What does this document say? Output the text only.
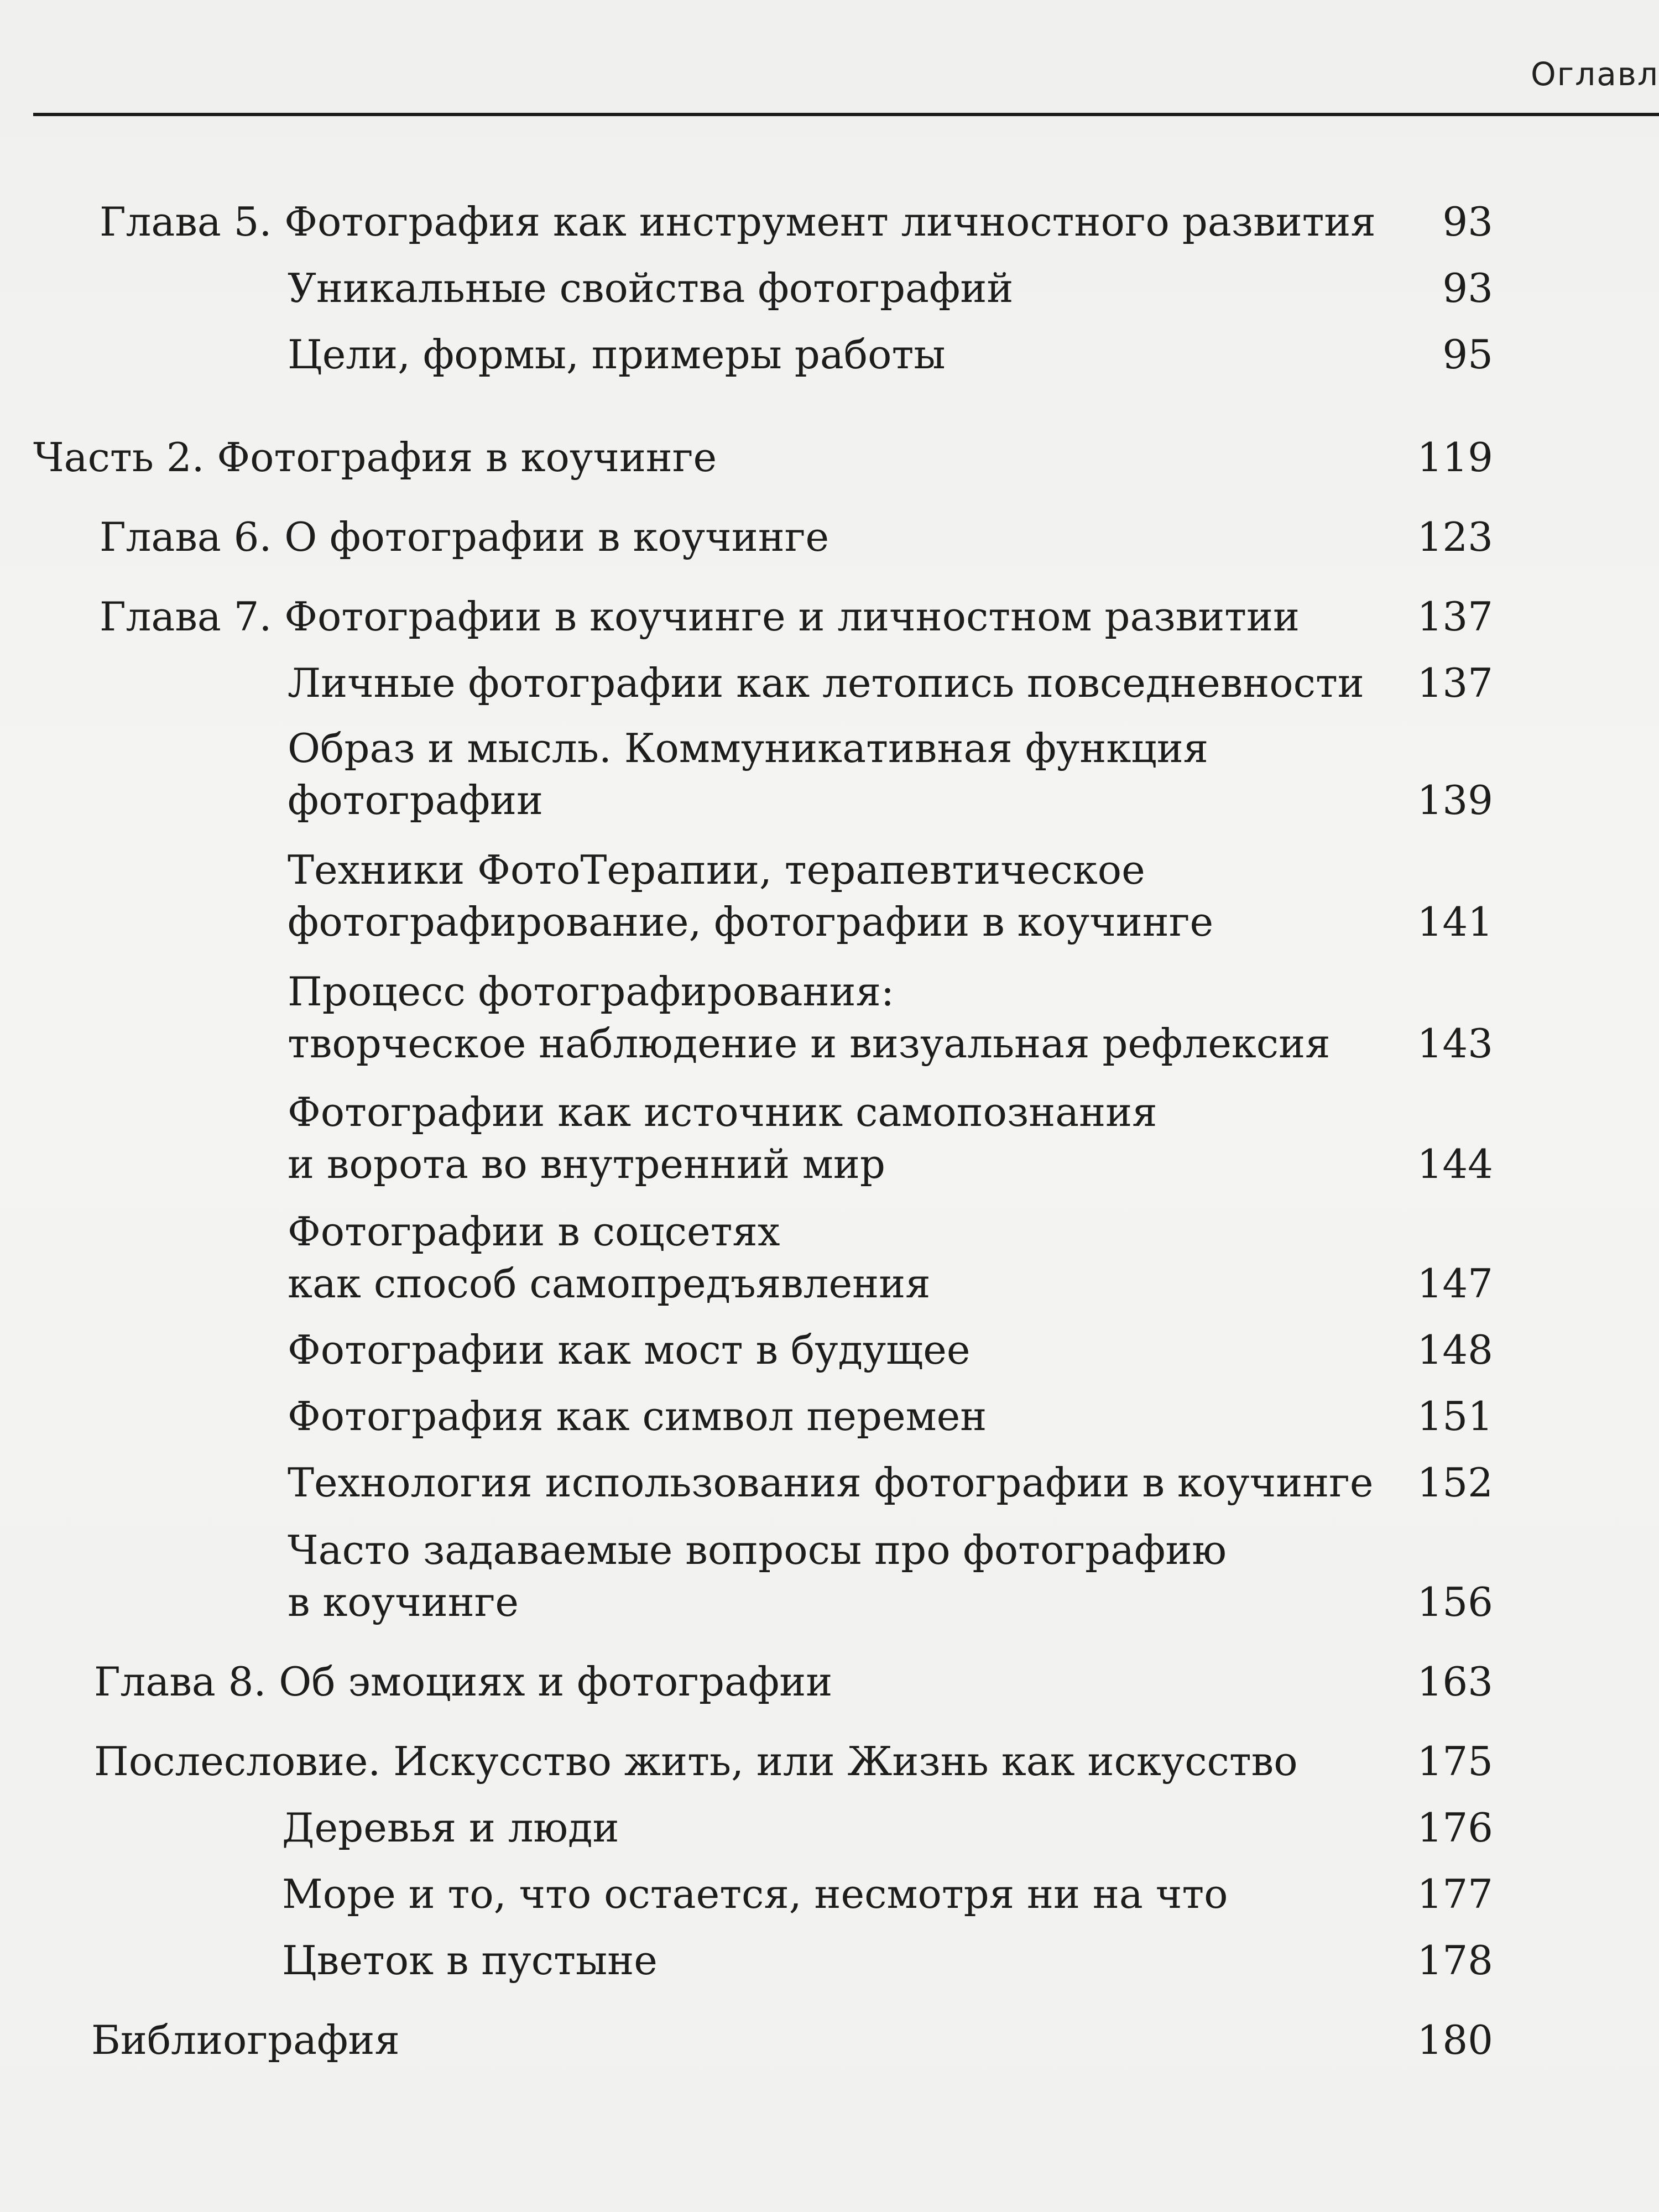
Оглавл
Глава 5. Фотография как инструмент личностного развития	93
Уникальные свойства фотографий	93
Цели, формы, примеры работы	95
Часть 2. Фотография в коучинге	119
Глава 6. О фотографии в коучинге	123
Глава 7. Фотографии в коучинге и личностном развитии	137
Личные фотографии как летопись повседневности	137
Образ и мысль. Коммуникативная функция
фотографии	139
Техники ФотоТерапии, терапевтическое
фотографирование, фотографии в коучинге	141
Процесс фотографирования:
творческое наблюдение и визуальная рефлексия	143
Фотографии как источник самопознания
и ворота во внутренний мир	144
Фотографии в соцсетях
как способ самопредъявления	147
Фотографии как мост в будущее	148
Фотография как символ перемен	151
Технология использования фотографии в коучинге	152
Часто задаваемые вопросы про фотографию
в коучинге	156
Глава 8. Об эмоциях и фотографии	163
Послесловие. Искусство жить, или Жизнь как искусство	175
Деревья и люди	176
Море и то, что остается, несмотря ни на что	177
Цветок в пустыне	178
Библиография	180
